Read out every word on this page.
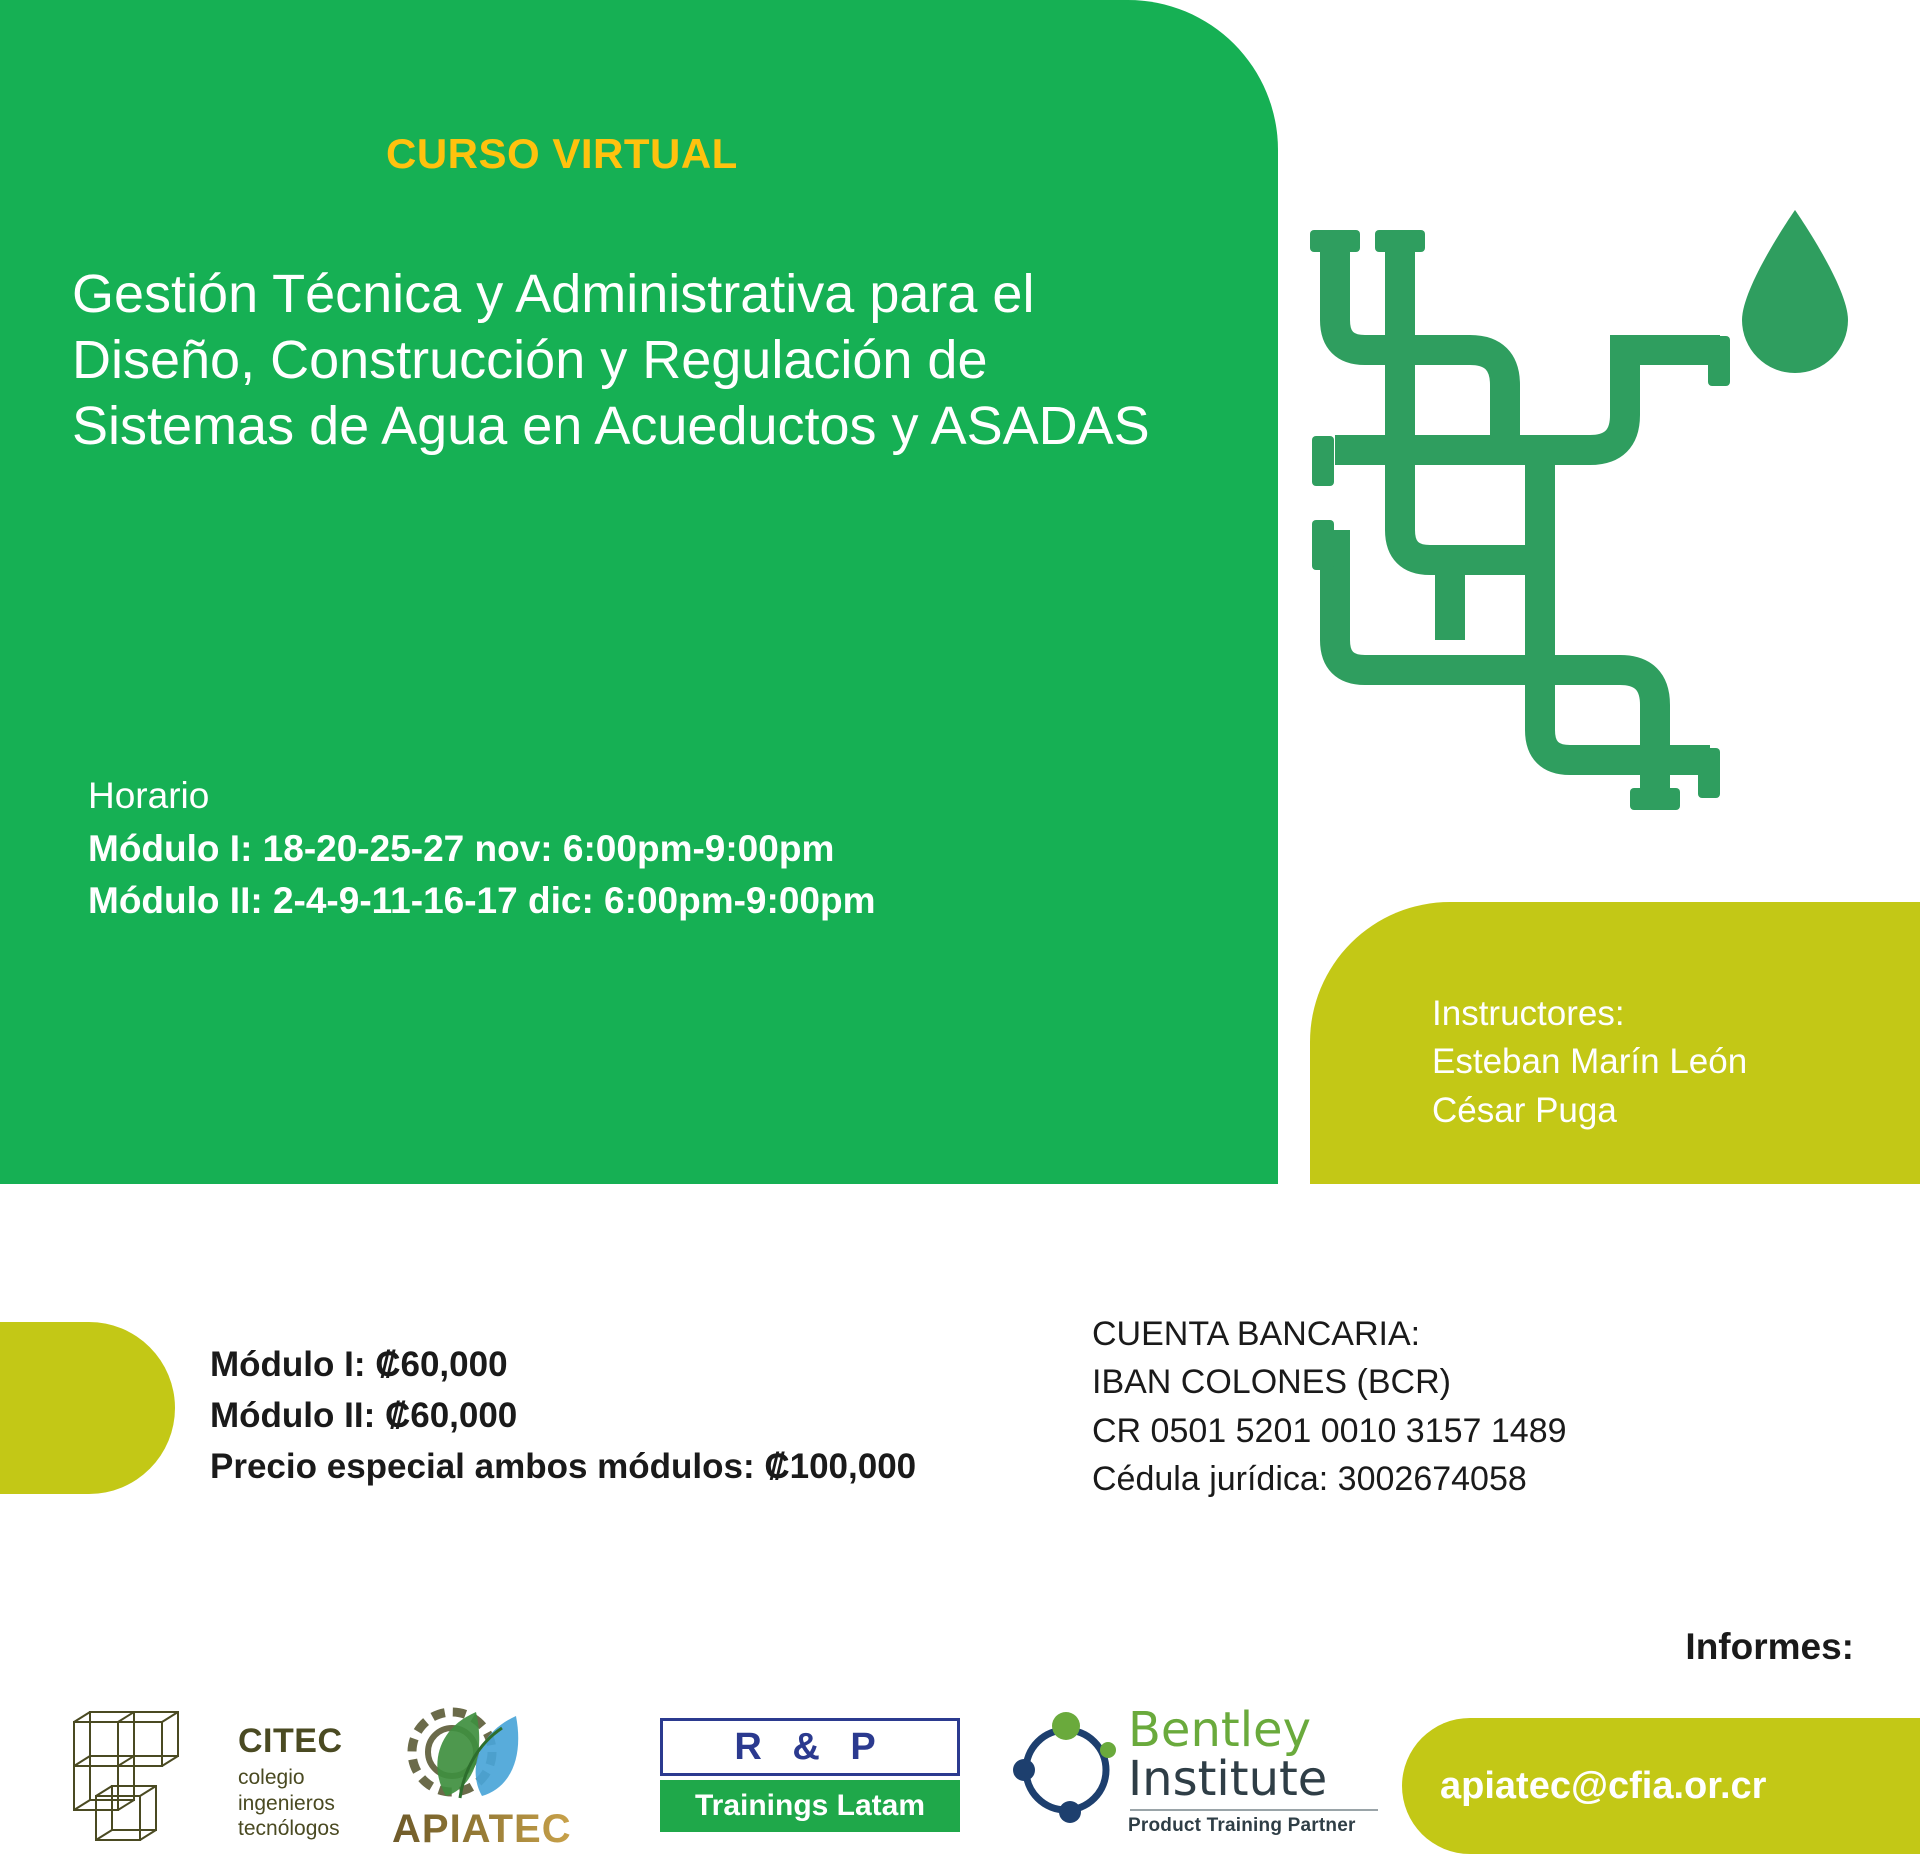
CURSO VIRTUAL
Gestión Técnica y Administrativa para el Diseño, Construcción y Regulación de Sistemas de Agua en Acueductos y ASADAS
Horario
Módulo I: 18-20-25-27 nov: 6:00pm-9:00pm
Módulo II: 2-4-9-11-16-17 dic: 6:00pm-9:00pm
Instructores:
Esteban Marín León
César Puga
Módulo I: ₡60,000
Módulo II: ₡60,000
Precio especial ambos módulos: ₡100,000
CUENTA BANCARIA:
IBAN COLONES (BCR)
CR 0501 5201 0010 3157 1489
Cédula jurídica: 3002674058
Informes:
apiatec@cfia.or.cr
CITEC
colegio
ingenieros
tecnólogos APIATEC
R & P
Trainings Latam
Bentley
Institute
Product Training Partner
